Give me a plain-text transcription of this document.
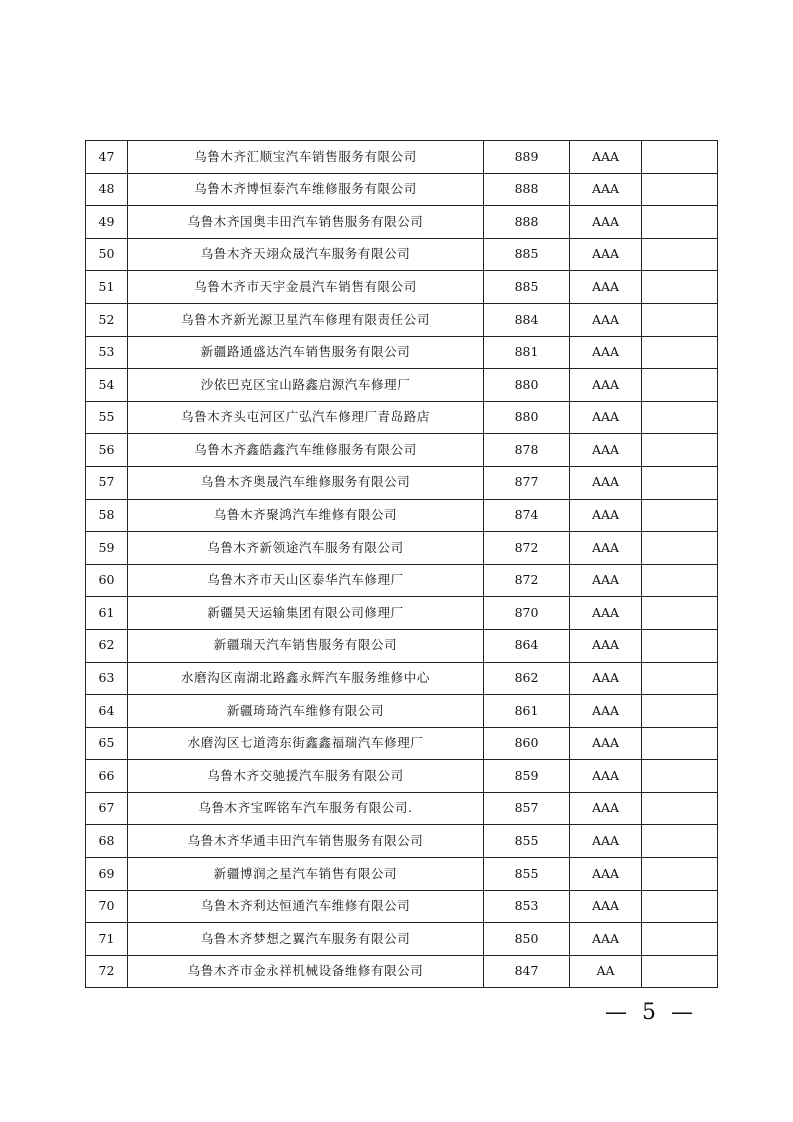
47	乌鲁木齐汇顺宝汽车销售服务有限公司	889	AAA	
48	乌鲁木齐博恒泰汽车维修服务有限公司	888	AAA	
49	乌鲁木齐国奥丰田汽车销售服务有限公司	888	AAA	
50	乌鲁木齐天翊众晟汽车服务有限公司	885	AAA	
51	乌鲁木齐市天宇金晨汽车销售有限公司	885	AAA	
52	乌鲁木齐新光源卫星汽车修理有限责任公司	884	AAA	
53	新疆路通盛达汽车销售服务有限公司	881	AAA	
54	沙依巴克区宝山路鑫启源汽车修理厂	880	AAA	
55	乌鲁木齐头屯河区广弘汽车修理厂青岛路店	880	AAA	
56	乌鲁木齐鑫皓鑫汽车维修服务有限公司	878	AAA	
57	乌鲁木齐奥晟汽车维修服务有限公司	877	AAA	
58	乌鲁木齐聚鸿汽车维修有限公司	874	AAA	
59	乌鲁木齐新领途汽车服务有限公司	872	AAA	
60	乌鲁木齐市天山区泰华汽车修理厂	872	AAA	
61	新疆昊天运输集团有限公司修理厂	870	AAA	
62	新疆瑞天汽车销售服务有限公司	864	AAA	
63	水磨沟区南湖北路鑫永辉汽车服务维修中心	862	AAA	
64	新疆琦琦汽车维修有限公司	861	AAA	
65	水磨沟区七道湾东街鑫鑫福瑞汽车修理厂	860	AAA	
66	乌鲁木齐交驰援汽车服务有限公司	859	AAA	
67	乌鲁木齐宝晖铭车汽车服务有限公司.	857	AAA	
68	乌鲁木齐华通丰田汽车销售服务有限公司	855	AAA	
69	新疆博润之星汽车销售有限公司	855	AAA	
70	乌鲁木齐利达恒通汽车维修有限公司	853	AAA	
71	乌鲁木齐梦想之翼汽车服务有限公司	850	AAA	
72	乌鲁木齐市金永祥机械设备维修有限公司	847	AA	
— 5 —
